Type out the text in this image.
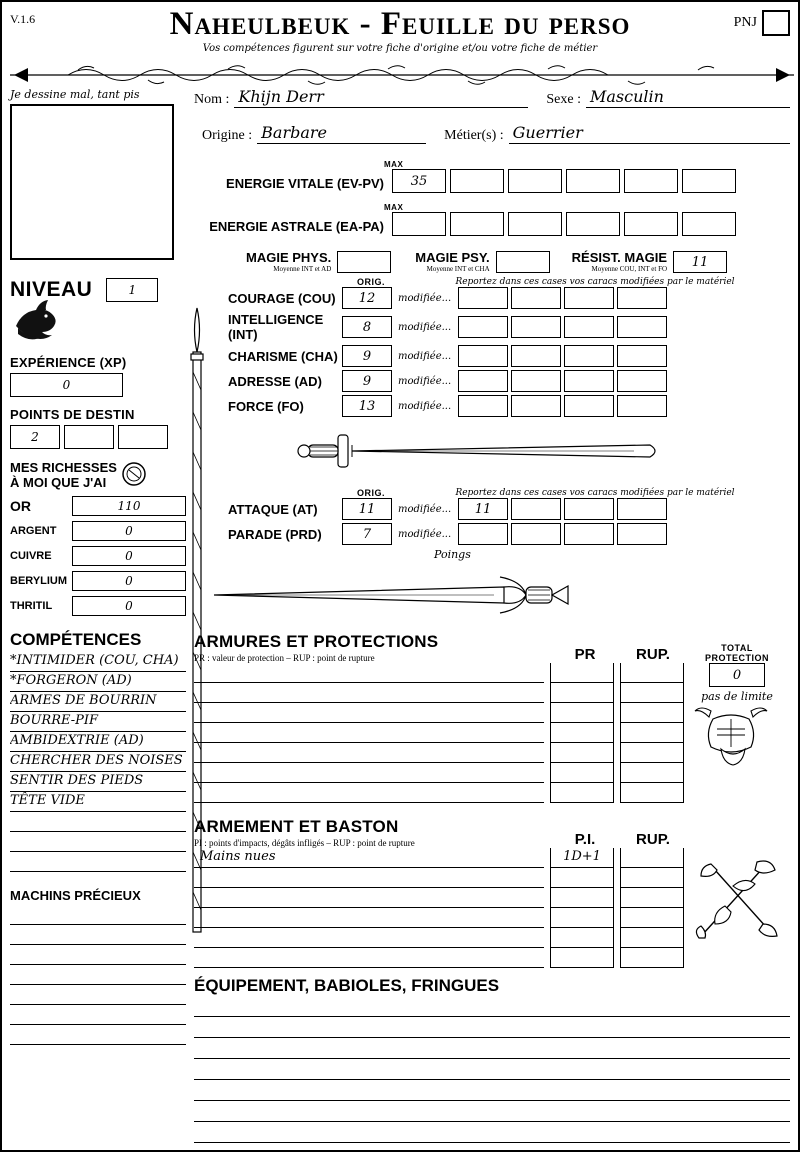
V.1.6	Naheulbeuk - Feuille du perso
Vos compétences figurent sur votre fiche d'origine et/ou votre fiche de métier
PNJ
Je dessine mal, tant pis
NIVEAU	1
EXPÉRIENCE (XP)
0
POINTS DE DESTIN
2
MES RICHESSES
À MOI QUE J'AI
OR	110
ARGENT	0
CUIVRE	0
BERYLIUM	0
THRITIL	0
COMPÉTENCES
*INTIMIDER (COU, CHA)
*FORGERON (AD)
ARMES DE BOURRIN
BOURRE-PIF
AMBIDEXTRIE (AD)
CHERCHER DES NOISES
SENTIR DES PIEDS
TÊTE VIDE
MACHINS PRÉCIEUX
Nom : Khijn Derr	Sexe : Masculin
Origine : Barbare	Métier(s) : Guerrier
MAX
ENERGIE VITALE (EV-PV)	35
MAX
ENERGIE ASTRALE (EA-PA)
MAGIE PHYS.
Moyenne INT et AD
MAGIE PSY.
Moyenne INT et CHA
RÉSIST. MAGIE
Moyenne COU, INT et FO	11
ORIG.	Reportez dans ces cases vos caracs modifiées par le matériel
COURAGE (COU)	12	modifiée...
INTELLIGENCE (INT)	8	modifiée...
CHARISME (CHA)	9	modifiée...
ADRESSE (AD)	9	modifiée...
FORCE (FO)	13	modifiée...
ORIG.	Reportez dans ces cases vos caracs modifiées par le matériel
ATTAQUE (AT)	11	modifiée...	11
PARADE (PRD)	7	modifiée...
Poings
ARMURES ET PROTECTIONS
PR : valeur de protection – RUP : point de rupture	PR	RUP.	TOTAL
PROTECTION
0
pas de limite
ARMEMENT ET BASTON
PI : points d'impacts, dégâts infligés – RUP : point de rupture	P.I.	RUP.
Mains nues	1D+1
ÉQUIPEMENT, BABIOLES, FRINGUES
